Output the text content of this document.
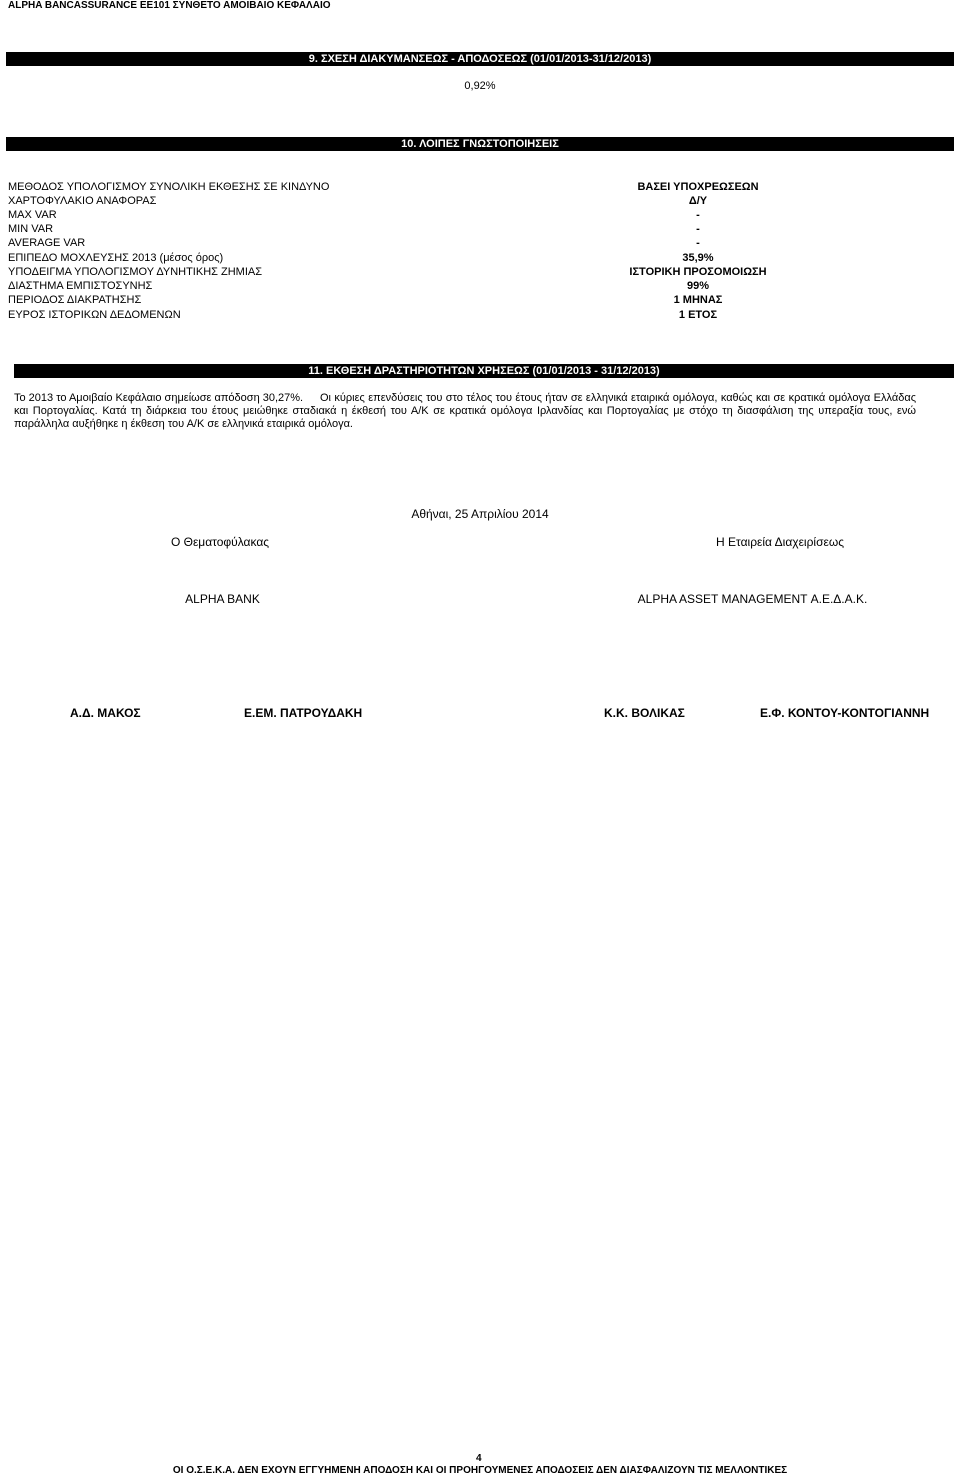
ALPHA BANCASSURANCE ΕΕ101 ΣΥΝΘΕΤΟ ΑΜΟΙΒΑΙΟ ΚΕΦΑΛΑΙΟ
9. ΣΧΕΣΗ ΔΙΑΚΥΜΑΝΣΕΩΣ - ΑΠΟΔΟΣΕΩΣ (01/01/2013-31/12/2013)
0,92%
10. ΛΟΙΠΕΣ ΓΝΩΣΤΟΠΟΙΗΣΕΙΣ
ΜΕΘΟΔΟΣ ΥΠΟΛΟΓΙΣΜΟΥ ΣΥΝΟΛΙΚΗ ΕΚΘΕΣΗΣ ΣΕ ΚΙΝΔΥΝΟ	ΒΑΣΕΙ ΥΠΟΧΡΕΩΣΕΩΝ
ΧΑΡΤΟΦΥΛΑΚΙΟ ΑΝΑΦΟΡΑΣ	Δ/Υ
MAX VAR	-
MIN VAR	-
AVERAGE VAR	-
ΕΠΙΠΕΔΟ ΜΟΧΛΕΥΣΗΣ 2013 (μέσος όρος)	35,9%
ΥΠΟΔΕΙΓΜΑ ΥΠΟΛΟΓΙΣΜΟΥ ΔΥΝΗΤΙΚΗΣ ΖΗΜΙΑΣ	ΙΣΤΟΡΙΚΗ ΠΡΟΣΟΜΟΙΩΣΗ
ΔΙΑΣΤΗΜΑ ΕΜΠΙΣΤΟΣΥΝΗΣ	99%
ΠΕΡΙΟΔΟΣ ΔΙΑΚΡΑΤΗΣΗΣ	1 ΜΗΝΑΣ
ΕΥΡΟΣ ΙΣΤΟΡΙΚΩΝ ΔΕΔΟΜΕΝΩΝ	1 ΕΤΟΣ
11. ΕΚΘΕΣΗ ΔΡΑΣΤΗΡΙΟΤΗΤΩΝ ΧΡΗΣΕΩΣ (01/01/2013 - 31/12/2013)
Το 2013 το Αμοιβαίο Κεφάλαιο σημείωσε απόδοση 30,27%.	Οι κύριες επενδύσεις του στο τέλος του έτους ήταν σε ελληνικά εταιρικά ομόλογα, καθώς και σε κρατικά ομόλογα Ελλάδας και Πορτογαλίας. Κατά τη διάρκεια του έτους μειώθηκε σταδιακά η έκθεσή του Α/Κ σε κρατικά ομόλογα Ιρλανδίας και Πορτογαλίας με στόχο τη διασφάλιση της υπεραξία τους, ενώ παράλληλα αυξήθηκε η έκθεση του Α/Κ σε ελληνικά εταιρικά ομόλογα.
Αθήναι, 25 Απριλίου 2014
Ο Θεματοφύλακας	Η Εταιρεία Διαχειρίσεως
ALPHA BANK	ALPHA ASSET MANAGEMENT Α.Ε.Δ.Α.Κ.
Α.Δ. ΜΑΚΟΣ	Ε.ΕΜ. ΠΑΤΡΟΥΔΑΚΗ	Κ.Κ. ΒΟΛΙΚΑΣ	Ε.Φ. ΚΟΝΤΟΥ-ΚΟΝΤΟΓΙΑΝΝΗ
4
ΟΙ Ο.Σ.Ε.Κ.Α. ΔΕΝ ΕΧΟΥΝ ΕΓΓΥΗΜΕΝΗ ΑΠΟΔΟΣΗ ΚΑΙ ΟΙ ΠΡΟΗΓΟΥΜΕΝΕΣ ΑΠΟΔΟΣΕΙΣ ΔΕΝ ΔΙΑΣΦΑΛΙΖΟΥΝ ΤΙΣ ΜΕΛΛΟΝΤΙΚΕΣ
